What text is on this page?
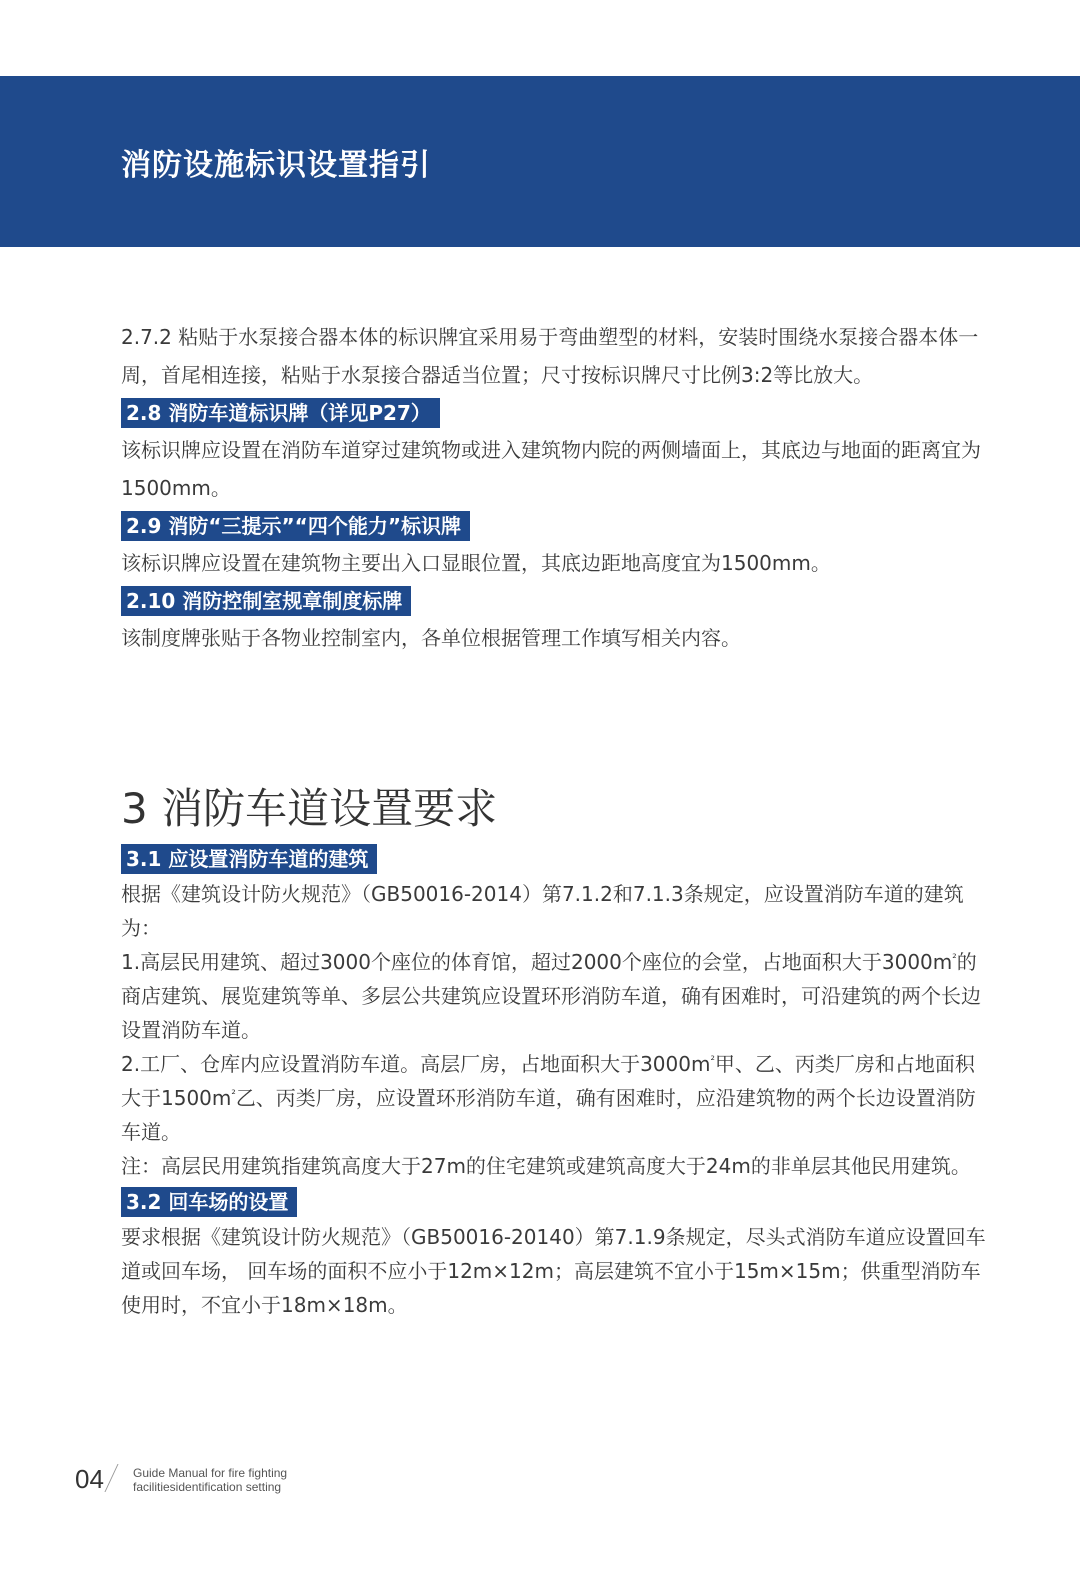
消防设施标识设置指引

2.7.2 粘贴于水泵接合器本体的标识牌宜采用易于弯曲塑型的材料，安装时围绕水泵接合器本体一周，首尾相连接，粘贴于水泵接合器适当位置；尺寸按标识牌尺寸比例3:2等比放大。

2.8 消防车道标识牌（详见P27）

该标识牌应设置在消防车道穿过建筑物或进入建筑物内院的两侧墙面上，其底边与地面的距离宜为1500mm。

2.9 消防“三提示”“四个能力”标识牌

该标识牌应设置在建筑物主要出入口显眼位置，其底边距地高度宜为1500mm。

2.10 消防控制室规章制度标牌

该制度牌张贴于各物业控制室内，各单位根据管理工作填写相关内容。

3 消防车道设置要求
3.1 应设置消防车道的建筑

根据《建筑设计防火规范》（GB50016-2014）第7.1.2和7.1.3条规定，应设置消防车道的建筑为：

1.高层民用建筑、超过3000个座位的体育馆，超过2000个座位的会堂，占地面积大于$3000m^{^2}$的商店建筑、展览建筑等单、多层公共建筑应设置环形消防车道，确有困难时，可沿建筑的两个长边设置消防车道。

2.工厂、仓库内应设置消防车道。高层厂房，占地面积大于$3000m^{^2}$甲、乙、丙类厂房和占地面积大于$1500m^{^2}$乙、丙类厂房，应设置环形消防车道，确有困难时，应沿建筑物的两个长边设置消防车道。

注：高层民用建筑指建筑高度大于27m的住宅建筑或建筑高度大于24m的非单层其他民用建筑。

3.2 回车场的设置

要求根据《建筑设计防火规范》（GB50016-20140）第7.1.9条规定，尽头式消防车道应设置回车道或回车场， 回车场的面积不应小于12m×12m；高层建筑不宜小于15m×15m；供重型消防车使用时，不宜小于18m×18m。

04 Guide Manual for fire fighting
facilitiesidentification setting
